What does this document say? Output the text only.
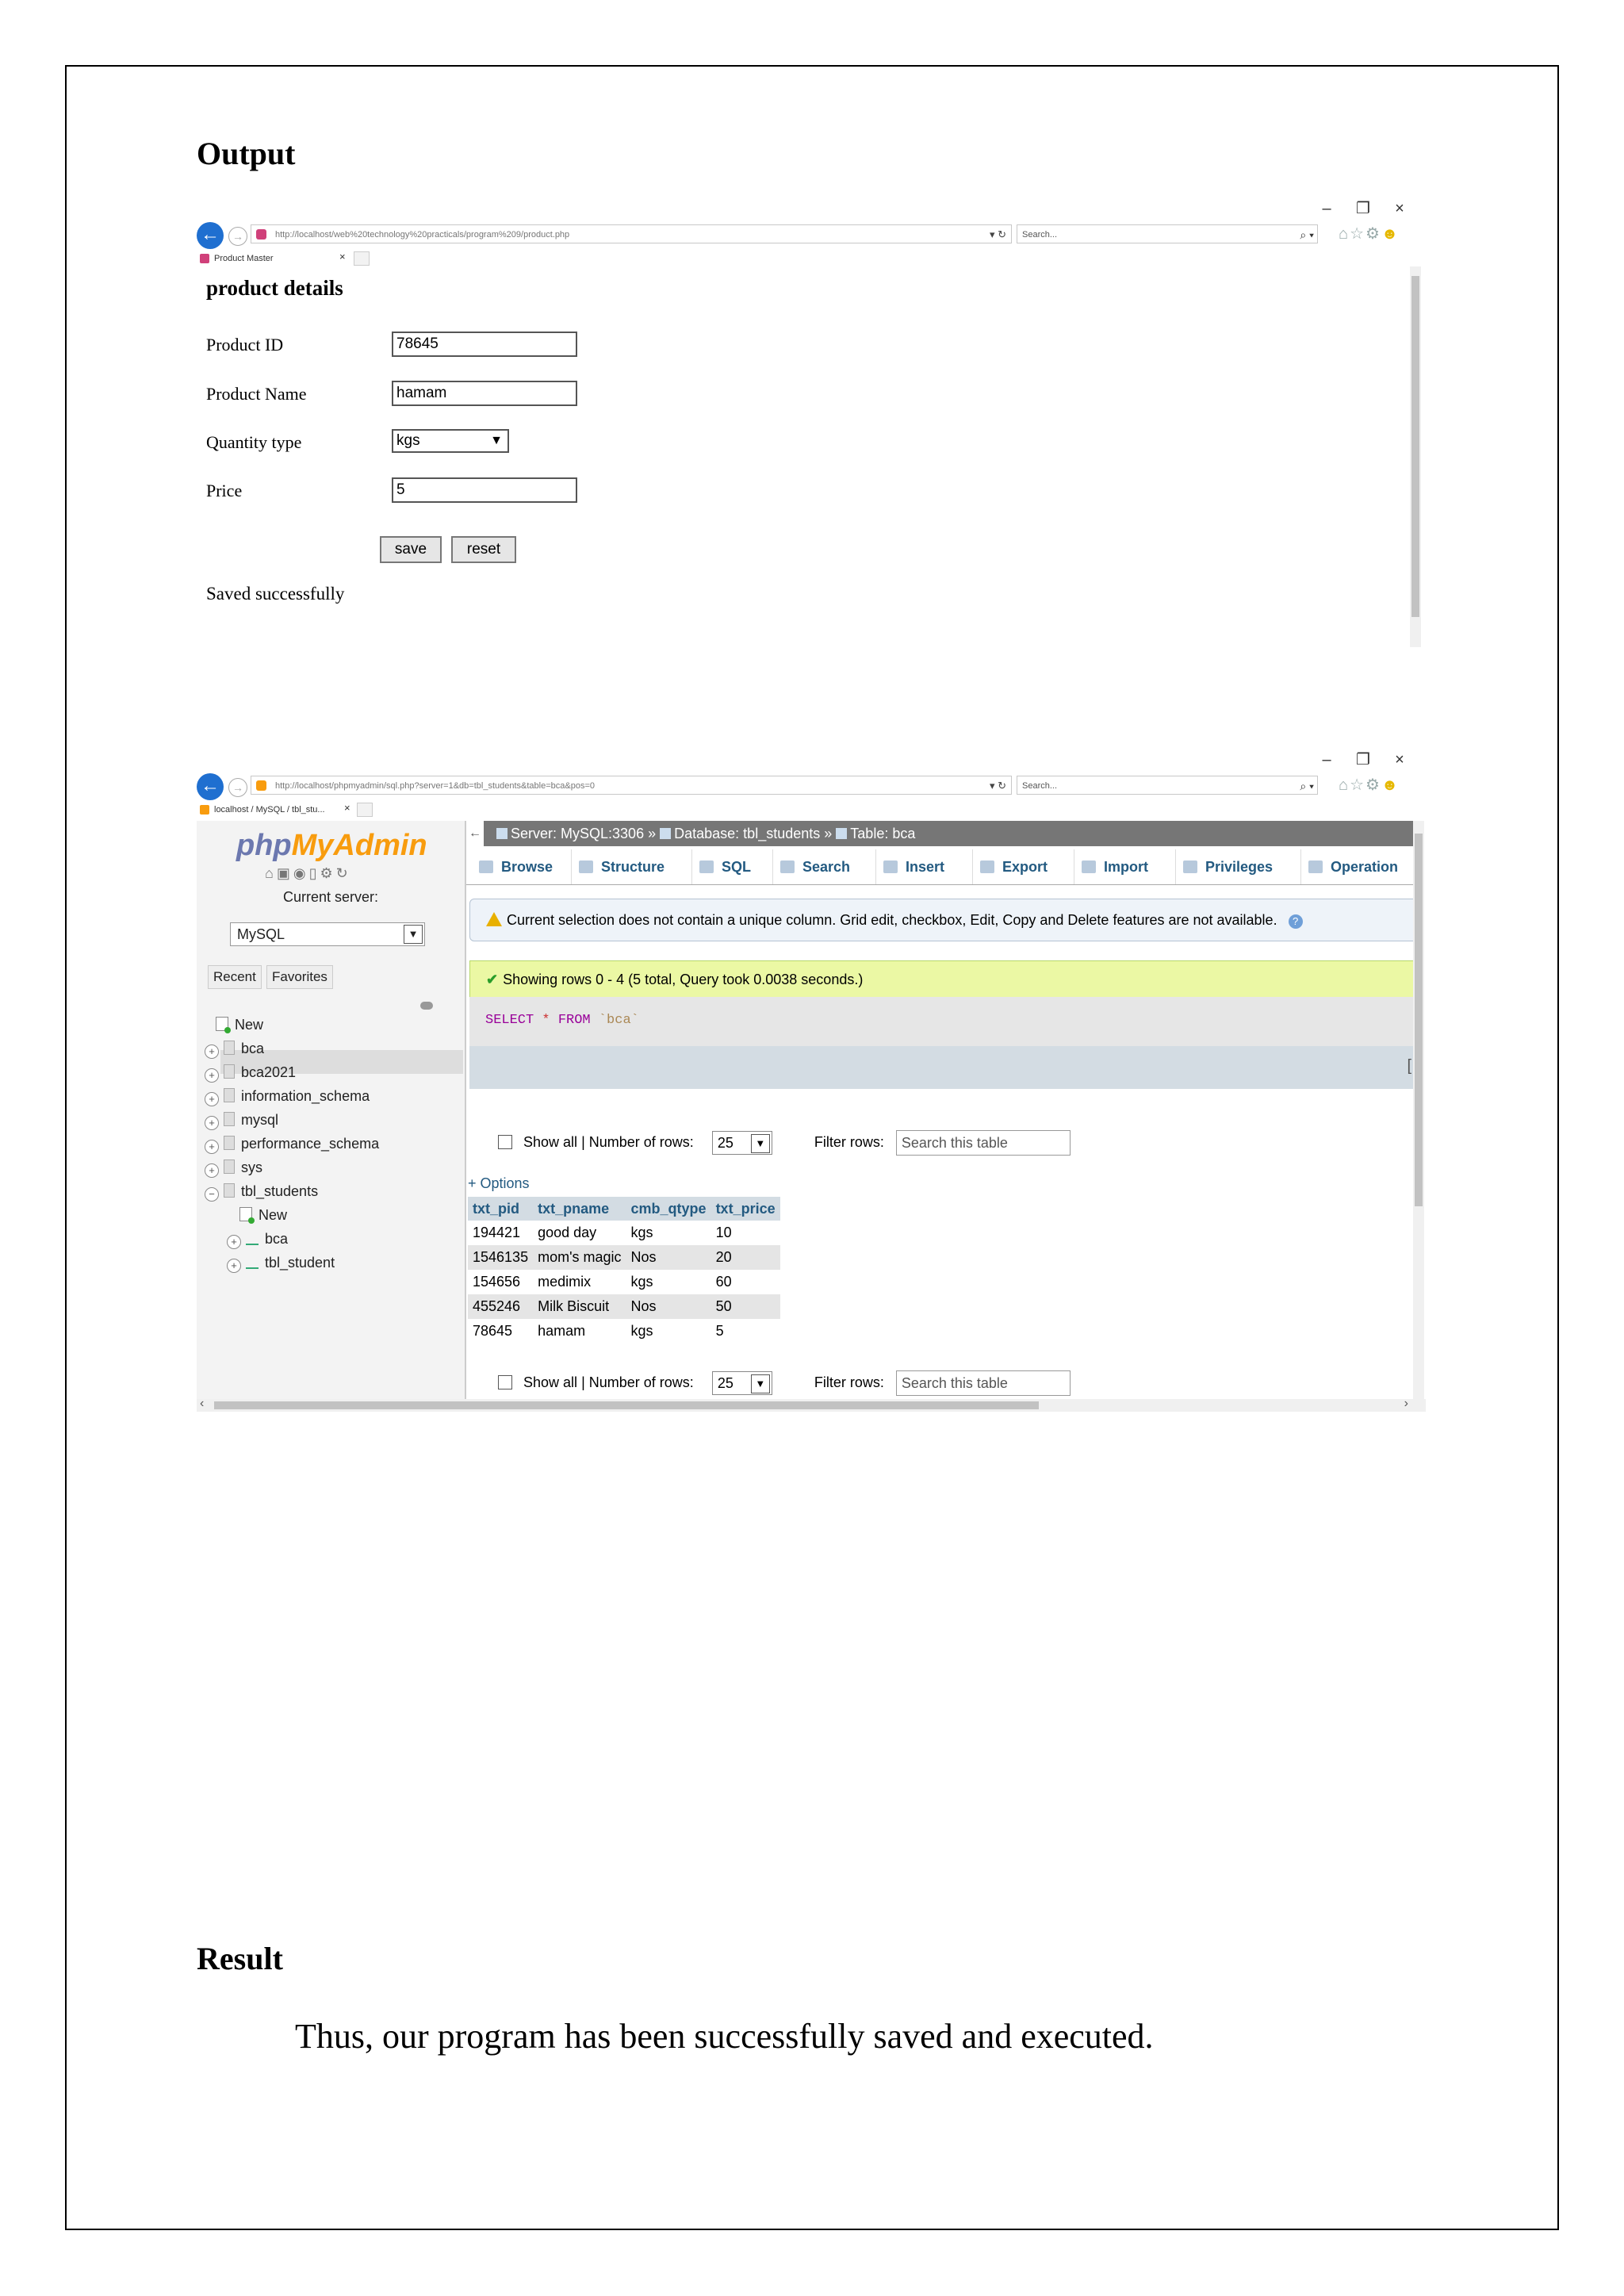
Output
– ❐ ×
←	→	http://localhost/web%20technology%20practicals/program%209/product.php	▾ ↻	Search...	⌕ ▾ ⌂☆⚙☻
Product Master	×
product details
Product ID	78645
Product Name	hamam
Quantity type	kgs	▼
Price	5
save	reset
Saved successfully
– ❐ ×
←	→	http://localhost/phpmyadmin/sql.php?server=1&db=tbl_students&table=bca&pos=0	▾ ↻	Search...	⌕ ▾ ⌂☆⚙☻
localhost / MySQL / tbl_stu... ×
phpMyAdmin
⌂▣◉▯⚙↻
Current server:
MySQL	▼
Recent	Favorites
New
+ bca
+ bca2021
+ information_schema
+ mysql
+ performance_schema
+ sys
− tbl_students
New
+ bca
+ tbl_student
←	Server: MySQL:3306 » Database: tbl_students » Table: bca
Browse	Structure	SQL	Search	Insert	Export	Import	Privileges	Operation
Current selection does not contain a unique column. Grid edit, checkbox, Edit, Copy and Delete features are not available. ?
✔ Showing rows 0 - 4 (5 total, Query took 0.0038 seconds.)
SELECT * FROM `bca`
[
Show all | Number of rows: 25	▼	Filter rows: Search this table
+ Options
txt_pid	txt_pname	cmb_qtype	txt_price
194421	good day	kgs	10
1546135	mom's magic	Nos	20
154656	medimix	kgs	60
455246	Milk Biscuit	Nos	50
78645	hamam	kgs	5
Show all | Number of rows: 25	▼	Filter rows: Search this table
‹	›
Result
Thus, our program has been successfully saved and executed.
